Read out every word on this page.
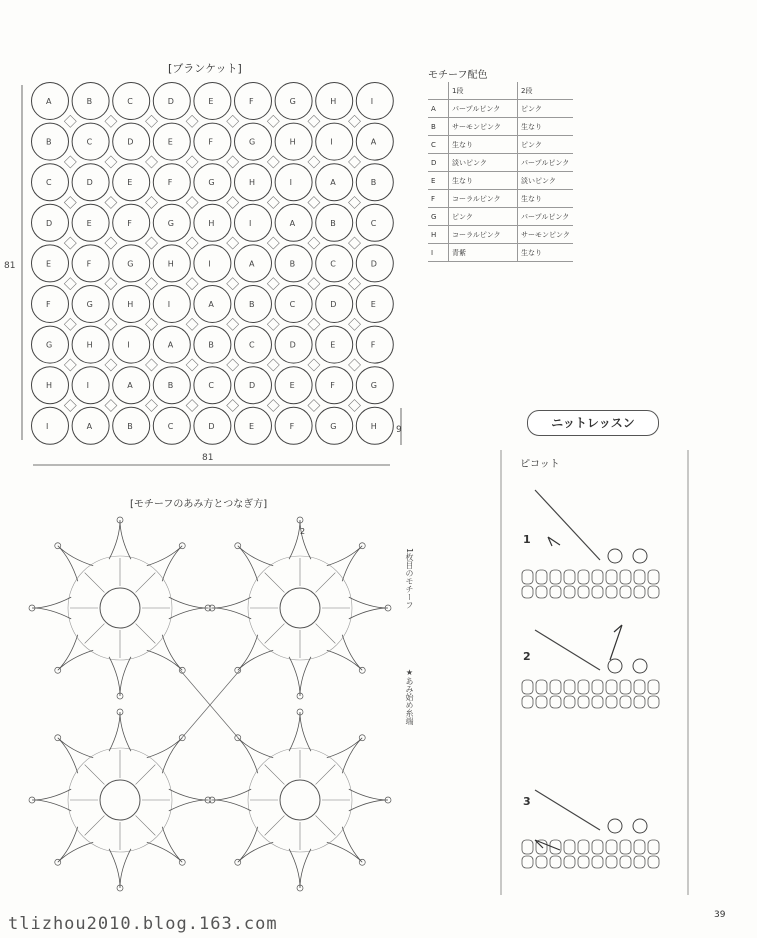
A	B	C	D	E	F	G	H	I
B	C	D	E	F	G	H	I	A
C	D	E	F	G	H	I	A	B
D	E	F	G	H	I	A	B	C
E	F	G	H	I	A	B	C	D
F	G	H	I	A	B	C	D	E
G	H	I	A	B	C	D	E	F
H	I	A	B	C	D	E	F	G
I	A	B	C	D	E	F	G	H
81
81
9
[ブランケット]
モチーフ配色
	1段	2段
A	パープルピンク	ピンク
B	サーモンピンク	生なり
C	生なり	ピンク
D	淡いピンク	パープルピンク
E	生なり	淡いピンク
F	コーラルピンク	生なり
G	ピンク	パープルピンク
H	コーラルピンク	サーモンピンク
I	青紫	生なり
[モチーフのあみ方とつなぎ方]
1枚目のモチーフ
★あみ始め糸端
2
ニットレッスン
ピコット
1
2
3
39
tlizhou2010.blog.163.com
